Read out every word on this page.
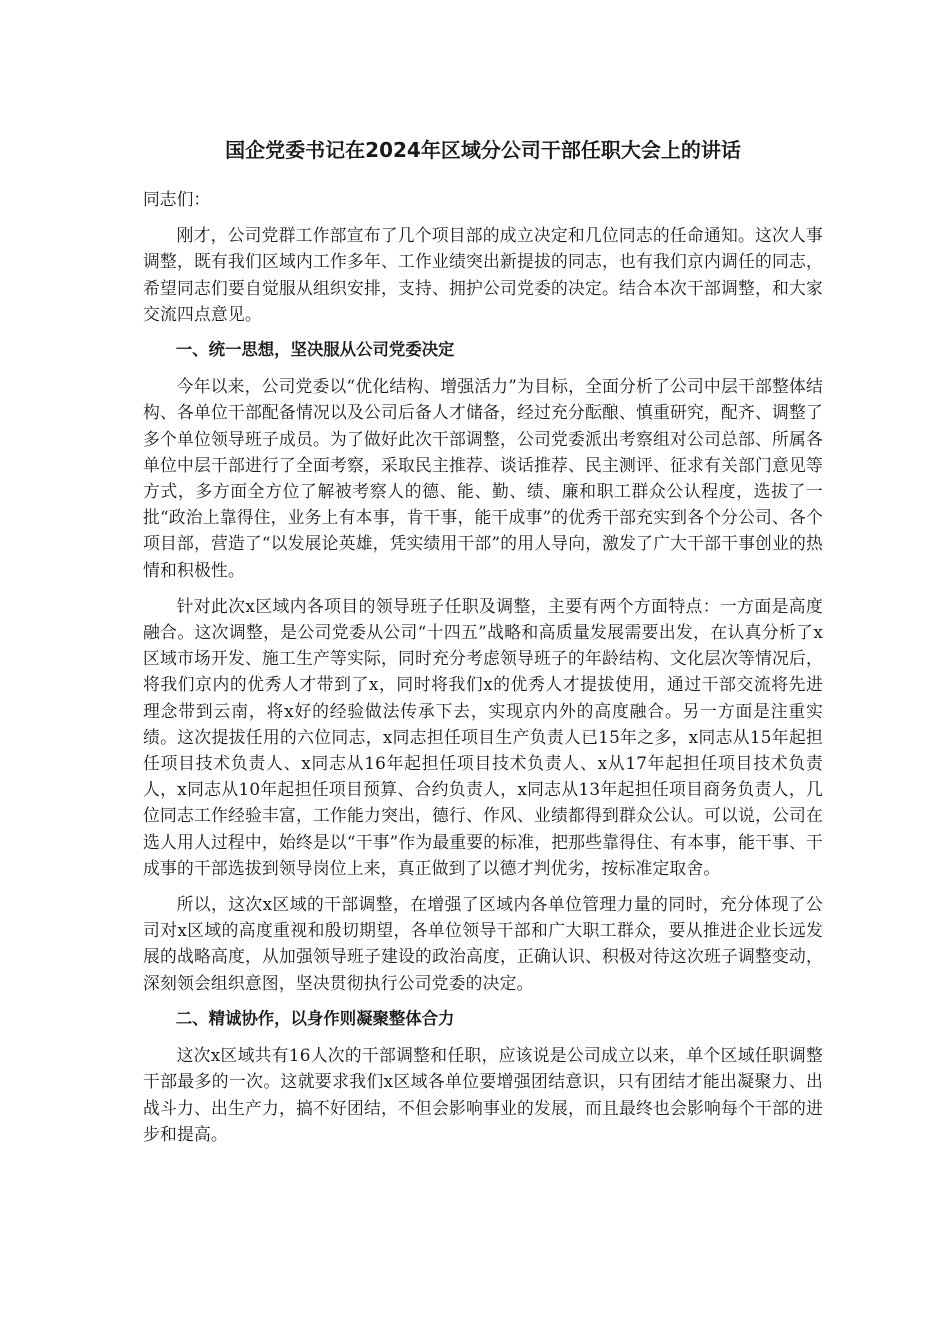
国企党委书记在2024年区域分公司干部任职大会上的讲话
同志们：

刚才，公司党群工作部宣布了几个项目部的成立决定和几位同志的任命通知。这次人事调整，既有我们区域内工作多年、工作业绩突出新提拔的同志，也有我们京内调任的同志，希望同志们要自觉服从组织安排，支持、拥护公司党委的决定。结合本次干部调整，和大家交流四点意见。

一、统一思想，坚决服从公司党委决定

今年以来，公司党委以“优化结构、增强活力”为目标，全面分析了公司中层干部整体结构、各单位干部配备情况以及公司后备人才储备，经过充分酝酿、慎重研究，配齐、调整了多个单位领导班子成员。为了做好此次干部调整，公司党委派出考察组对公司总部、所属各单位中层干部进行了全面考察，采取民主推荐、谈话推荐、民主测评、征求有关部门意见等方式，多方面全方位了解被考察人的德、能、勤、绩、廉和职工群众公认程度，选拔了一批“政治上靠得住，业务上有本事，肯干事，能干成事”的优秀干部充实到各个分公司、各个项目部，营造了“以发展论英雄，凭实绩用干部”的用人导向，激发了广大干部干事创业的热情和积极性。

针对此次x区域内各项目的领导班子任职及调整，主要有两个方面特点：一方面是高度融合。这次调整，是公司党委从公司“十四五”战略和高质量发展需要出发，在认真分析了x区域市场开发、施工生产等实际，同时充分考虑领导班子的年龄结构、文化层次等情况后，将我们京内的优秀人才带到了x，同时将我们x的优秀人才提拔使用，通过干部交流将先进理念带到云南，将x好的经验做法传承下去，实现京内外的高度融合。另一方面是注重实绩。这次提拔任用的六位同志，x同志担任项目生产负责人已15年之多，x同志从15年起担任项目技术负责人、x同志从16年起担任项目技术负责人、x从17年起担任项目技术负责人，x同志从10年起担任项目预算、合约负责人，x同志从13年起担任项目商务负责人，几位同志工作经验丰富，工作能力突出，德行、作风、业绩都得到群众公认。可以说，公司在选人用人过程中，始终是以“干事”作为最重要的标准，把那些靠得住、有本事，能干事、干成事的干部选拔到领导岗位上来，真正做到了以德才判优劣，按标准定取舍。

所以，这次x区域的干部调整，在增强了区域内各单位管理力量的同时，充分体现了公司对x区域的高度重视和殷切期望，各单位领导干部和广大职工群众，要从推进企业长远发展的战略高度，从加强领导班子建设的政治高度，正确认识、积极对待这次班子调整变动，深刻领会组织意图，坚决贯彻执行公司党委的决定。

二、精诚协作，以身作则凝聚整体合力

这次x区域共有16人次的干部调整和任职，应该说是公司成立以来，单个区域任职调整干部最多的一次。这就要求我们x区域各单位要增强团结意识，只有团结才能出凝聚力、出战斗力、出生产力，搞不好团结，不但会影响事业的发展，而且最终也会影响每个干部的进步和提高。
